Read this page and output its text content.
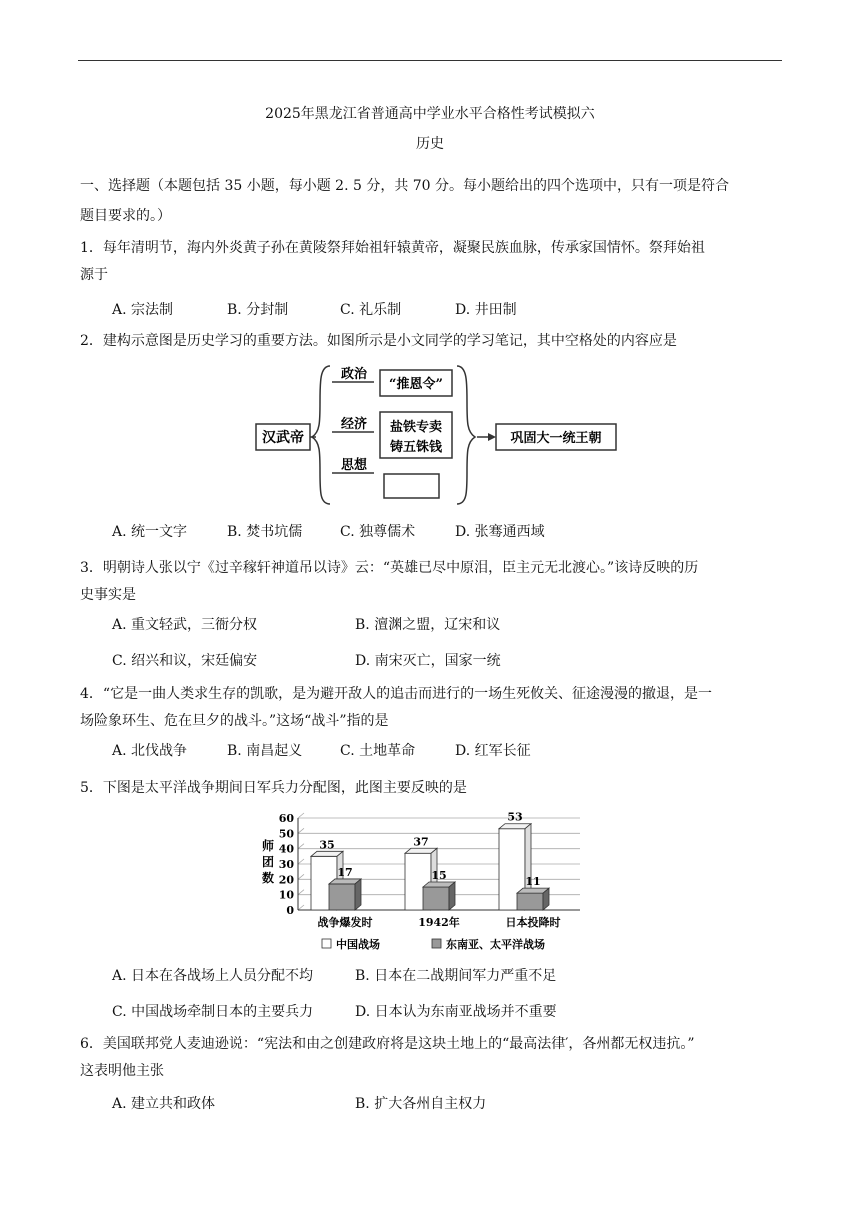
2025年黑龙江省普通高中学业水平合格性考试模拟六
历史
一、选择题（本题包括 35 小题，每小题 2. 5 分，共 70 分。每小题给出的四个选项中，只有一项是符合
题目要求的。）
1．每年清明节，海内外炎黄子孙在黄陵祭拜始祖轩辕黄帝，凝聚民族血脉，传承家国情怀。祭拜始祖
源于
A. 宗法制	B. 分封制	C. 礼乐制	D. 井田制
2．建构示意图是历史学习的重要方法。如图所示是小文同学的学习笔记，其中空格处的内容应是
汉武帝
政治
“推恩令”
经济 盐铁专卖
铸五铢钱
思想
巩固大一统王朝
A. 统一文字	B. 焚书坑儒	C. 独尊儒术	D. 张骞通西域
3．明朝诗人张以宁《过辛稼轩神道吊以诗》云：“英雄已尽中原泪，臣主元无北渡心。”该诗反映的历
史事实是
A. 重文轻武，三衙分权	B. 澶渊之盟，辽宋和议
C. 绍兴和议，宋廷偏安	D. 南宋灭亡，国家一统
4．“它是一曲人类求生存的凯歌，是为避开敌人的追击而进行的一场生死攸关、征途漫漫的撤退，是一
场险象环生、危在旦夕的战斗。”这场“战斗”指的是
A. 北伐战争	B. 南昌起义	C. 土地革命	D. 红军长征
5．下图是太平洋战争期间日军兵力分配图，此图主要反映的是
0
10
20
30
40
50
60
师
团
数
35
17
战争爆发时
37
15
1942年
53
11
日本投降时
中国战场	东南亚、太平洋战场
A. 日本在各战场上人员分配不均	B. 日本在二战期间军力严重不足
C. 中国战场牵制日本的主要兵力	D. 日本认为东南亚战场并不重要
6．美国联邦党人麦迪逊说：“宪法和由之创建政府将是这块土地上的“最高法律′，各州都无权违抗。”
这表明他主张
A. 建立共和政体	B. 扩大各州自主权力
